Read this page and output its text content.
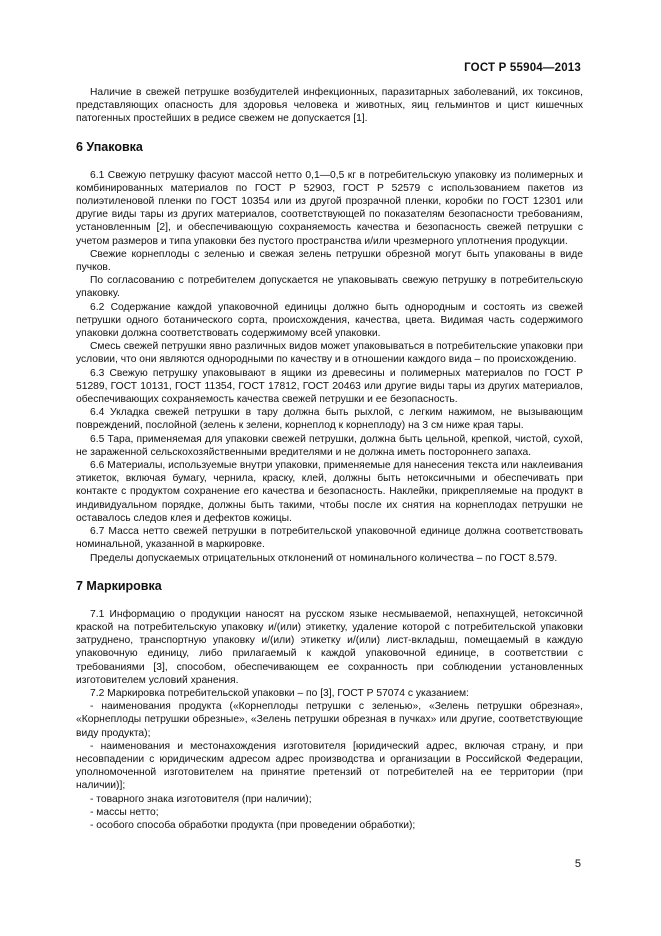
ГОСТ Р 55904—2013

Наличие в свежей петрушке возбудителей инфекционных, паразитарных заболеваний, их токсинов, представляющих опасность для здоровья человека и животных, яиц гельминтов и цист кишечных патогенных простейших в редисе свежем не допускается [1].

6 Упаковка

6.1 Свежую петрушку фасуют массой нетто 0,1—0,5 кг в потребительскую упаковку из полимерных и комбинированных материалов по ГОСТ Р 52903, ГОСТ Р 52579 с использованием пакетов из полиэтиленовой пленки по ГОСТ 10354 или из другой прозрачной пленки, коробки по ГОСТ 12301 или другие виды тары из других материалов, соответствующей по показателям безопасности требованиям, установленным [2], и обеспечивающую сохраняемость качества и безопасность свежей петрушки с учетом размеров и типа упаковки без пустого пространства и/или чрезмерного уплотнения продукции.

Свежие корнеплоды с зеленью и свежая зелень петрушки обрезной могут быть упакованы в виде пучков.

По согласованию с потребителем допускается не упаковывать свежую петрушку в потребительскую упаковку.

6.2 Содержание каждой упаковочной единицы должно быть однородным и состоять из свежей петрушки одного ботанического сорта, происхождения, качества, цвета. Видимая часть содержимого упаковки должна соответствовать содержимому всей упаковки.

Смесь свежей петрушки явно различных видов может упаковываться в потребительские упаковки при условии, что они являются однородными по качеству и в отношении каждого вида – по происхождению.

6.3 Свежую петрушку упаковывают в ящики из древесины и полимерных материалов по ГОСТ Р 51289, ГОСТ 10131, ГОСТ 11354, ГОСТ 17812, ГОСТ 20463 или другие виды тары из других материалов, обеспечивающих сохраняемость качества свежей петрушки и ее безопасность.

6.4 Укладка свежей петрушки в тару должна быть рыхлой, с легким нажимом, не вызывающим повреждений, послойной (зелень к зелени, корнеплод к корнеплоду) на 3 см ниже края тары.

6.5 Тара, применяемая для упаковки свежей петрушки, должна быть цельной, крепкой, чистой, сухой, не зараженной сельскохозяйственными вредителями и не должна иметь постороннего запаха.

6.6 Материалы, используемые внутри упаковки, применяемые для нанесения текста или наклеивания этикеток, включая бумагу, чернила, краску, клей, должны быть нетоксичными и обеспечивать при контакте с продуктом сохранение его качества и безопасность. Наклейки, прикрепляемые на продукт в индивидуальном порядке, должны быть такими, чтобы после их снятия на корнеплодах петрушки не оставалось следов клея и дефектов кожицы.

6.7 Масса нетто свежей петрушки в потребительской упаковочной единице должна соответствовать номинальной, указанной в маркировке.

Пределы допускаемых отрицательных отклонений от номинального количества – по ГОСТ 8.579.

7 Маркировка

7.1 Информацию о продукции наносят на русском языке несмываемой, непахнущей, нетоксичной краской на потребительскую упаковку и/(или) этикетку, удаление которой с потребительской упаковки затруднено, транспортную упаковку и/(или) этикетку и/(или) лист-вкладыш, помещаемый в каждую упаковочную единицу, либо прилагаемый к каждой упаковочной единице, в соответствии с требованиями [3], способом, обеспечивающем ее сохранность при соблюдении установленных изготовителем условий хранения.

7.2 Маркировка потребительской упаковки – по [3], ГОСТ Р 57074 с указанием:

- наименования продукта («Корнеплоды петрушки с зеленью», «Зелень петрушки обрезная», «Корнеплоды петрушки обрезные», «Зелень петрушки обрезная в пучках» или другие, соответствующие виду продукта);

- наименования и местонахождения изготовителя [юридический адрес, включая страну, и при несовпадении с юридическим адресом адрес производства и организации в Российской Федерации, уполномоченной изготовителем на принятие претензий от потребителей на ее территории (при наличии)];

- товарного знака изготовителя (при наличии);

- массы нетто;

- особого способа обработки продукта (при проведении обработки);

5
